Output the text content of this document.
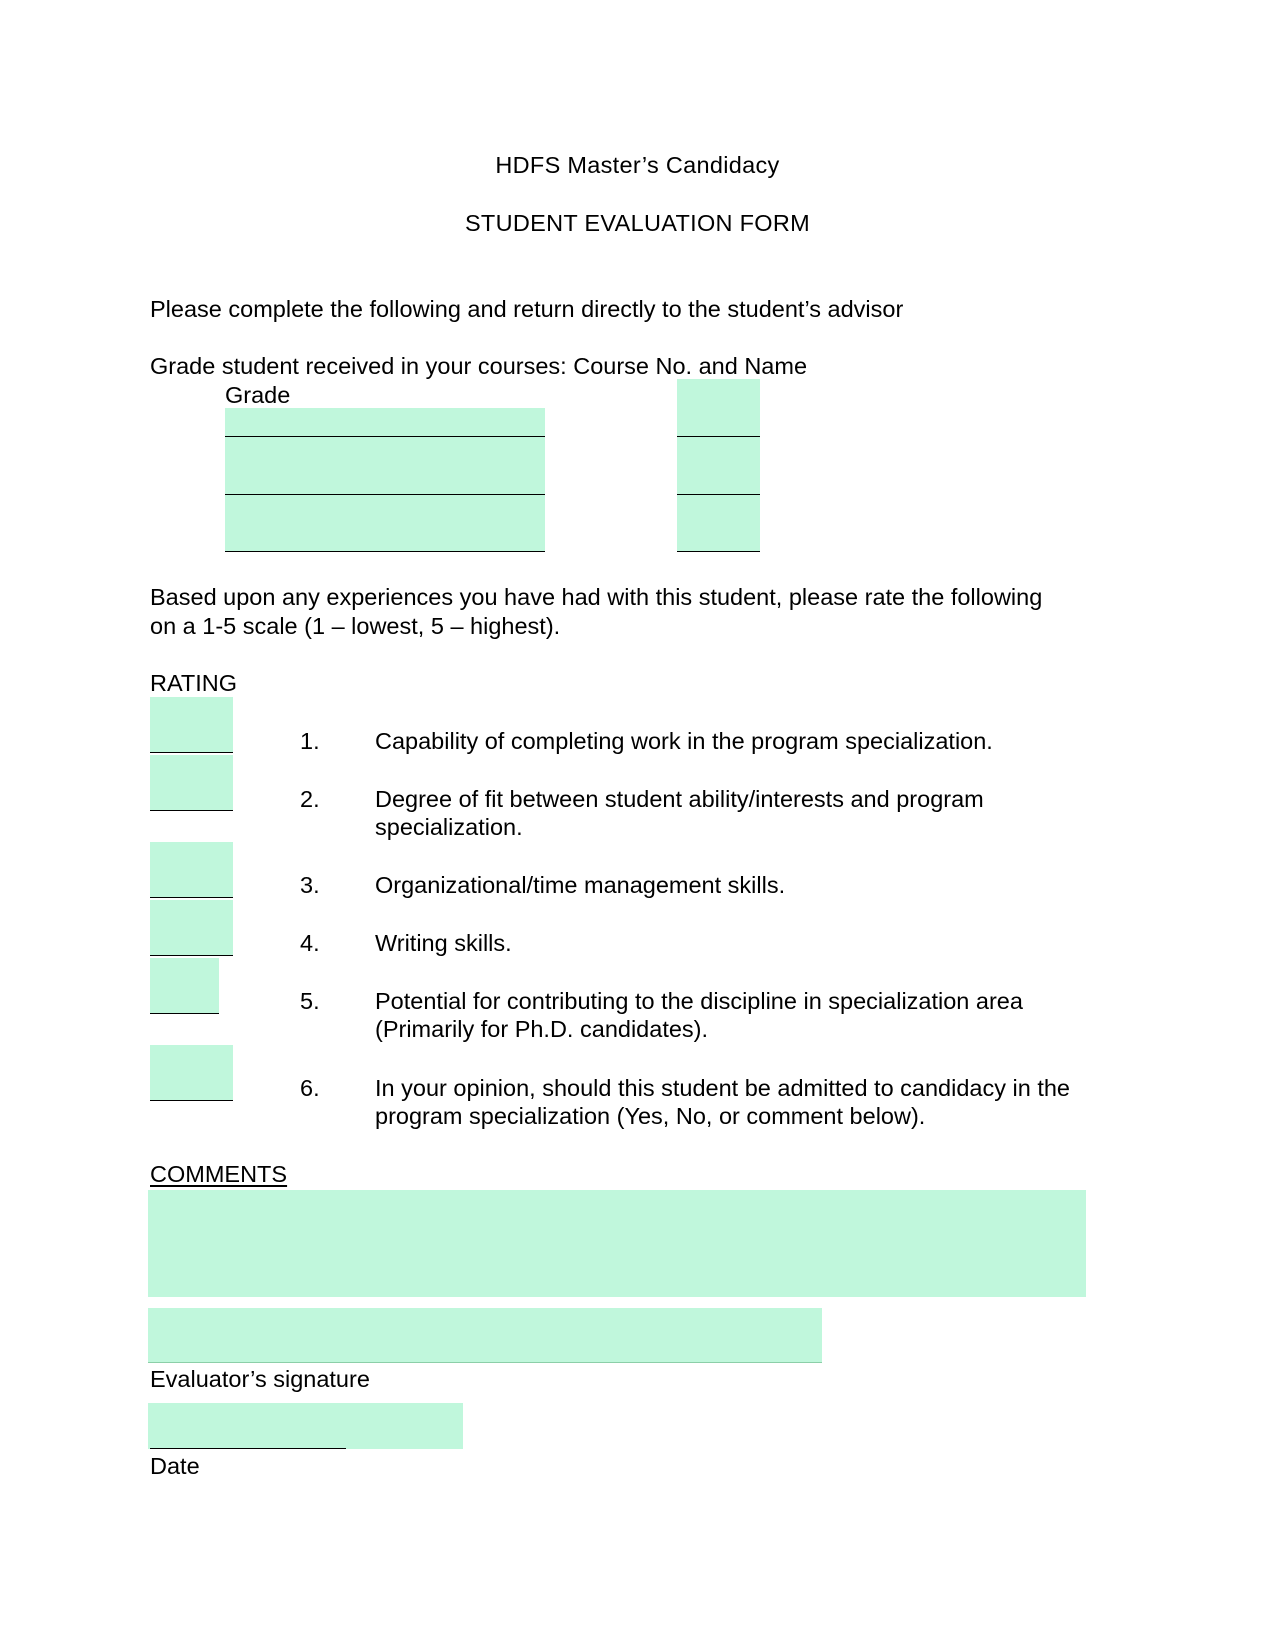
HDFS Master’s Candidacy
STUDENT EVALUATION FORM
Please complete the following and return directly to the student’s advisor
Grade student received in your courses: Course No. and Name
Grade
Based upon any experiences you have had with this student, please rate the following
on a 1-5 scale (1 – lowest, 5 – highest).
RATING
1. Capability of completing work in the program specialization.
2. Degree of fit between student ability/interests and program
specialization.
3. Organizational/time management skills.
4. Writing skills.
5. Potential for contributing to the discipline in specialization area
(Primarily for Ph.D. candidates).
6. In your opinion, should this student be admitted to candidacy in the
program specialization (Yes, No, or comment below).
COMMENTS
Evaluator’s signature
Date
